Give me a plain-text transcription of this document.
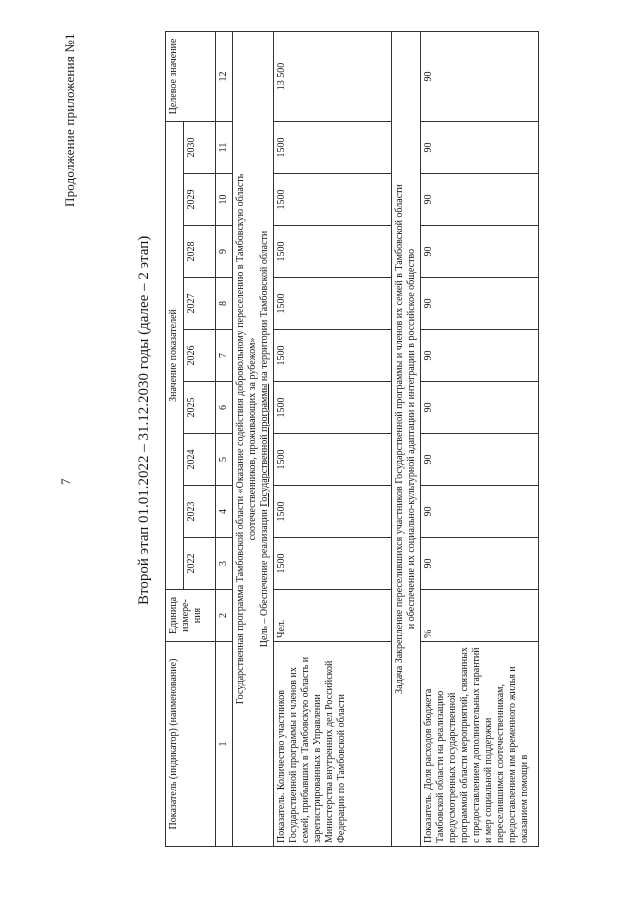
Продолжение приложения №1
7	Второй этап 01.01.2022 – 31.12.2030 годы (далее – 2 этап)
Показатель (индикатор) (наименование)	Единица измере-ния	Значение показателей									Целевое значение
		2022	2023	2024	2025	2026	2027	2028	2029	2030	
1	2	3	4	5	6	7	8	9	10	11	12

Государственная программа Тамбовской области «Оказание содействия добровольному переселению в Тамбовскую область соотечественников, проживающих за рубежом»
Цель – Обеспечение реализации Государственной программы на территории Тамбовской области											

Показатель. Количество участников Государственной программы и членов их семей, прибывших в Тамбовскую область и зарегистрированных в Управлении Министерства внутренних дел Российской Федерации по Тамбовской области	Чел.	1500	1500	1500	1500	1500	1500	1500	1500	1500	13 500

Задача Закрепление переселившихся участников Государственной программы и членов их семей в Тамбовской области и обеспечение их социально-культурной адаптации и интеграции в российское общество											

Показатель. Доля расходов бюджета Тамбовской области на реализацию предусмотренных государственной программой области мероприятий, связанных с предоставлением дополнительных гарантий и мер социальной поддержки переселившимся соотечественникам, предоставлением им временного жилья и оказанием помощи в	%	90	90	90	90	90	90	90	90	90	90
